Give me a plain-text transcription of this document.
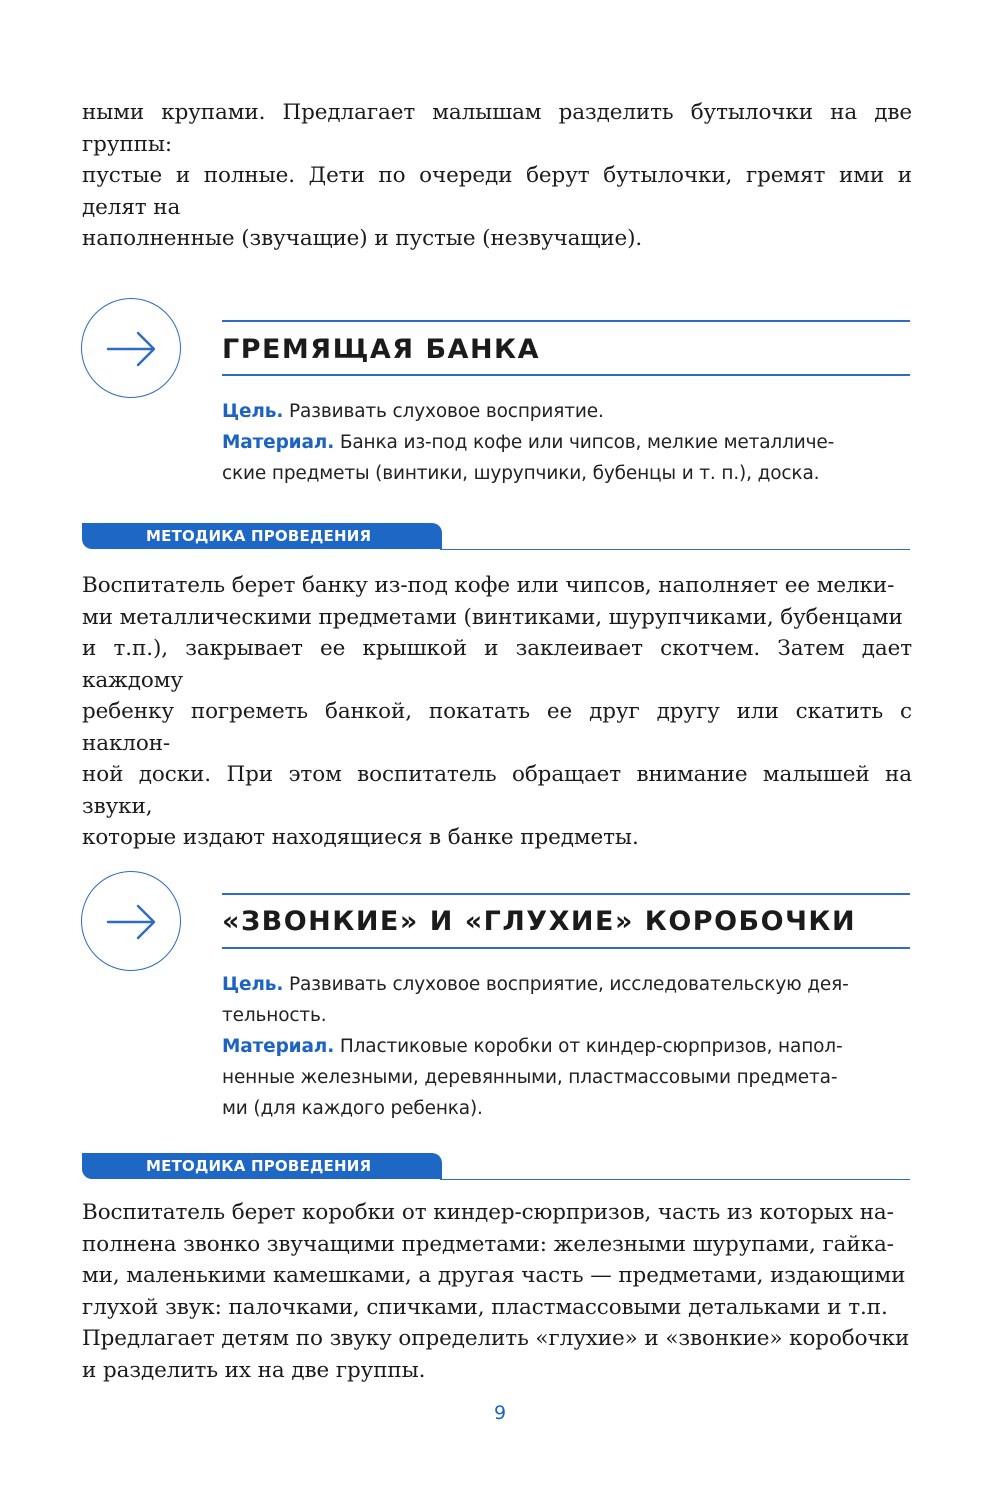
ными крупами. Предлагает малышам разделить бутылочки на две группы:
пустые и полные. Дети по очереди берут бутылочки, гремят ими и делят на
наполненные (звучащие) и пустые (незвучащие).
ГРЕМЯЩАЯ БАНКА
Цель. Развивать слуховое восприятие.
Материал. Банка из-под кофе или чипсов, мелкие металличе-
ские предметы (винтики, шурупчики, бубенцы и т. п.), доска.
МЕТОДИКА ПРОВЕДЕНИЯ
Воспитатель берет банку из-под кофе или чипсов, наполняет ее мелки-
ми металлическими предметами (винтиками, шурупчиками, бубенцами
и т.п.), закрывает ее крышкой и заклеивает скотчем. Затем дает каждому
ребенку погреметь банкой, покатать ее друг другу или скатить с наклон-
ной доски. При этом воспитатель обращает внимание малышей на звуки,
которые издают находящиеся в банке предметы.
«ЗВОНКИЕ» И «ГЛУХИЕ» КОРОБОЧКИ
Цель. Развивать слуховое восприятие, исследовательскую дея-
тельность.
Материал. Пластиковые коробки от киндер-сюрпризов, напол-
ненные железными, деревянными, пластмассовыми предмета-
ми (для каждого ребенка).
МЕТОДИКА ПРОВЕДЕНИЯ
Воспитатель берет коробки от киндер-сюрпризов, часть из которых на-
полнена звонко звучащими предметами: железными шурупами, гайка-
ми, маленькими камешками, а другая часть — предметами, издающими
глухой звук: палочками, спичками, пластмассовыми детальками и т.п.
Предлагает детям по звуку определить «глухие» и «звонкие» коробочки
и разделить их на две группы.
9
